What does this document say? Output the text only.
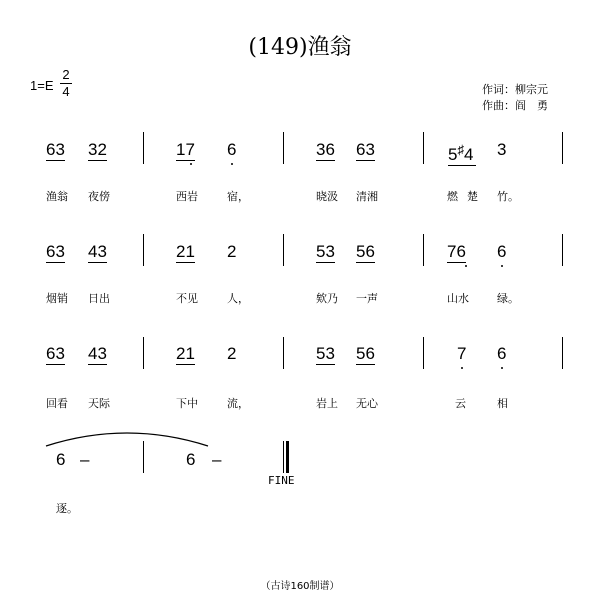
(149)渔翁
1=E
2
4	作词：柳宗元
作曲：阎　勇
63 32	17 6	36 63	5♯4 3
渔翁 夜傍	西岩	宿，	晓汲 清湘	燃 楚 竹。
63 43	21 2	53 56	76 6
烟销 日出	不见	人，	欸乃 一声	山水	绿。
63 43	21 2	53 56	7 6
回看 天际	下中	流，	岩上 无心	云	相
6 –	6 –
FINE
逐。
（古诗160制谱）
